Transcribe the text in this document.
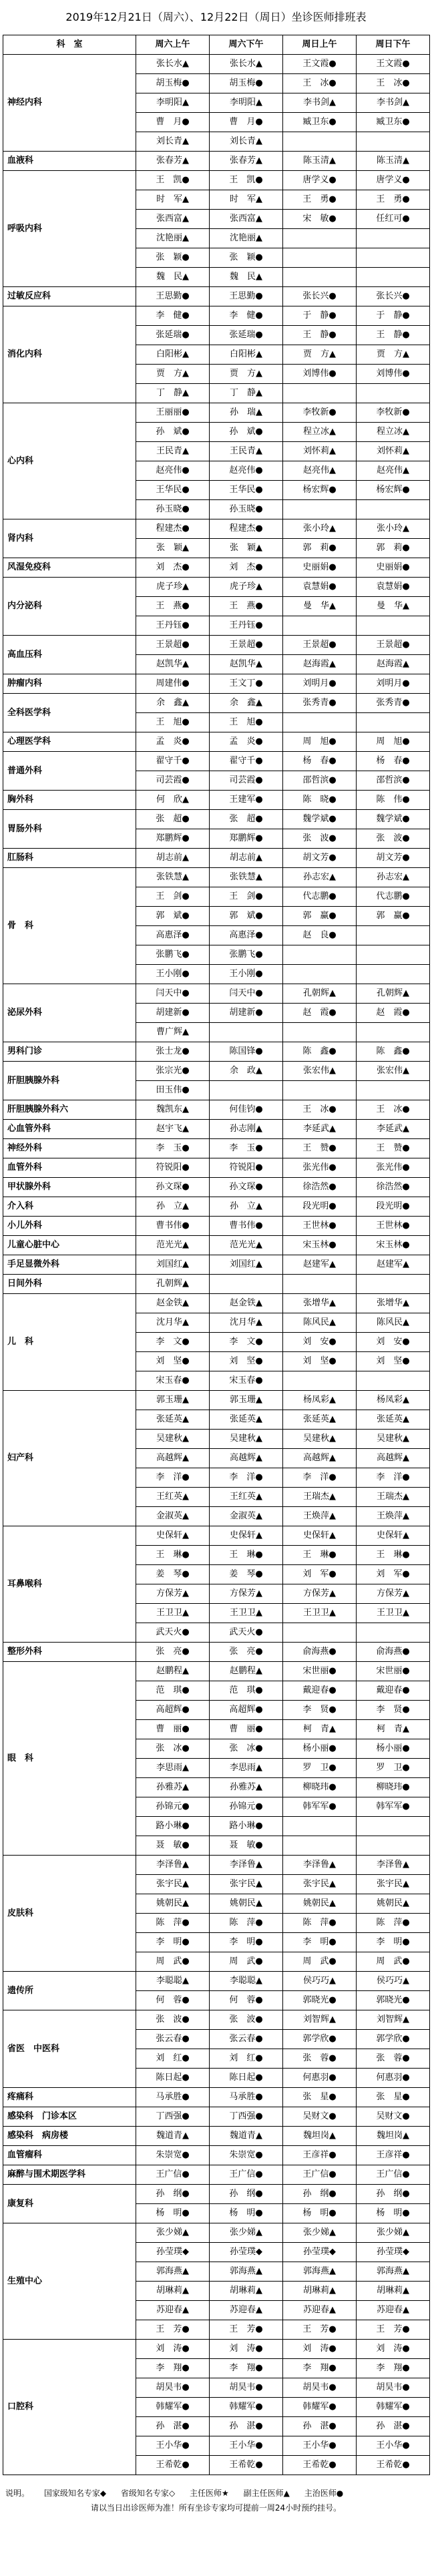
2019年12月21日（周六）、12月22日（周日）坐诊医师排班表
科　室	周六上午	周六下午	周日上午	周日下午
神经内科
张长水▲	张长水▲	王文霞●	王文霞●
胡玉梅●	胡玉梅●	王　冰●	王　冰●
李明阳▲	李明阳▲	李书剑▲	李书剑▲
曹　月●	曹　月●	臧卫东●	臧卫东●
刘长青▲	刘长青▲
血液科	张春芳▲	张春芳▲	陈玉清▲	陈玉清▲
呼吸内科
王　凯●	王　凯●	唐学义●	唐学义●
时　军▲	时　军▲	王　勇●	王　勇●
张西富▲	张西富▲	宋　敏●	任红可●
沈艳丽▲	沈艳丽▲
张　颖●	张　颖●
魏　民▲	魏　民▲
过敏反应科	王思勤●	王思勤●	张长兴●	张长兴●
消化内科
李　健●	李　健●	于　静●	于　静●
张延瑞●	张延瑞●	王　静●	王　静●
白阳彬▲	白阳彬▲	贾　方▲	贾　方▲
贾　方▲	贾　方▲	刘博伟●	刘博伟●
丁　静▲	丁　静▲
心内科
王丽丽●	孙　瑞▲	李牧新●	李牧新●
孙　斌●	孙　斌●	程立冰▲	程立冰▲
王民青▲	王民青▲	刘怀莉▲	刘怀莉▲
赵亮伟●	赵亮伟●	赵亮伟▲	赵亮伟▲
王华民●	王华民●	杨宏辉●	杨宏辉●
孙玉晓●	孙玉晓●
肾内科
程建杰●	程建杰●	张小玲▲	张小玲▲
张　颖▲	张　颖▲	郭　莉●	郭　莉●
风湿免疫科	刘　杰●	刘　杰●	史丽娟●	史丽娟●
内分泌科
虎子珍▲	虎子珍▲	袁慧娟●	袁慧娟●
王　燕●	王　燕●	曼　华▲	曼　华▲
王丹钰●	王丹钰●
高血压科
王景超●	王景超●	王景超●	王景超●
赵凯华▲	赵凯华▲	赵海霞▲	赵海霞▲
肿瘤内科	周建伟●	王文丁●	刘明月●	刘明月●
全科医学科
余　鑫▲	余　鑫▲	张秀青●	张秀青●
王　旭●	王　旭●
心理医学科	孟　炎●	孟　炎●	周　旭●	周　旭●
普通外科
翟守千●	翟守千●	杨　春●	杨　春●
司芸霞●	司芸霞●	邵哲滨●	邵哲滨●
胸外科	何　欣▲	王建军●	陈　晓●	陈　伟●
胃肠外科
张　超●	张　超●	魏学斌●	魏学斌●
郑鹏辉●	郑鹏辉●	张　波●	张　波●
肛肠科	胡志前▲	胡志前▲	胡文芳●	胡文芳●
骨　科
张铁慧▲	张铁慧▲	孙志宏▲	孙志宏▲
王　剑●	王　剑●	代志鹏●	代志鹏●
郭　斌●	郭　斌●	郭　赢●	郭　赢●
高惠泽●	高惠泽●	赵　良●
张鹏飞●	张鹏飞●
王小刚●	王小刚●
泌尿外科
闫天中●	闫天中●	孔朝辉▲	孔朝辉▲
胡建新●	胡建新●	赵　霞●	赵　霞●
曹广辉▲
男科门诊	张士龙●	陈国锋●	陈　鑫●	陈　鑫●
肝胆胰腺外科
张宗光●	余　政▲	张宏伟▲	张宏伟▲
田玉伟●
肝胆胰腺外科六	魏凯东▲	何佳钧●	王　冰●	王　冰●
心血管外科	赵宇飞▲	孙志刚▲	李延武▲	李延武▲
神经外科	李　玉●	李　玉●	王　赞●	王　赞●
血管外科	符锐阳●	符锐阳●	张光伟●	张光伟●
甲状腺外科	孙文琛●	孙文琛●	徐浩然●	徐浩然●
介入科	孙　立▲	孙　立▲	段光明●	段光明●
小儿外科	曹书伟●	曹书伟●	王世林●	王世林●
儿童心脏中心	范光光▲	范光光▲	宋玉林●	宋玉林●
手足显微外科	刘国红▲	刘国红▲	赵建军▲	赵建军▲
日间外科	孔朝辉▲
儿　科
赵金铁▲	赵金铁▲	张增华▲	张增华▲
沈月华▲	沈月华▲	陈风民▲	陈风民▲
李　文●	李　文●	刘　安●	刘　安●
刘　坚●	刘　坚●	刘　坚●	刘　坚●
宋玉春●	宋玉春●
妇产科
郭玉珊▲	郭玉珊▲	杨凤彩▲	杨凤彩▲
张延英▲	张延英▲	张延英▲	张延英▲
吴建秋▲	吴建秋▲	吴建秋▲	吴建秋▲
高越辉▲	高越辉▲	高越辉▲	高越辉▲
李　洋●	李　洋●	李　洋●	李　洋●
王红英▲	王红英▲	王瑞杰▲	王瑞杰▲
金淑英▲	金淑英▲	王焕萍▲	王焕萍▲
耳鼻喉科
史保轩▲	史保轩▲	史保轩▲	史保轩▲
王　琳●	王　琳●	王　琳●	王　琳●
姜　琴●	姜　琴●	刘　军●	刘　军●
方保芳▲	方保芳▲	方保芳▲	方保芳▲
王卫卫▲	王卫卫▲	王卫卫▲	王卫卫▲
武天火●	武天火●
整形外科	张　亮●	张　亮●	俞海燕●	俞海燕●
眼　科
赵鹏程▲	赵鹏程▲	宋世丽●	宋世丽●
范　琪●	范　琪●	戴迎春●	戴迎春●
高超辉●	高超辉●	李　贤●	李　贤●
曹　丽●	曹　丽●	柯　青▲	柯　青▲
张　冰●	张　冰●	杨小丽●	杨小丽●
李思雨▲	李思雨▲	罗　卫●	罗　卫●
孙雅苏▲	孙雅苏▲	柳晓玮●	柳晓玮●
孙锦元●	孙锦元●	韩军军●	韩军军●
路小琳●	路小琳●
聂　敏●	聂　敏●
皮肤科
李泽鲁▲	李泽鲁▲	李泽鲁▲	李泽鲁▲
张宇民▲	张宇民▲	张宇民▲	张宇民▲
姚朝民▲	姚朝民▲	姚朝民▲	姚朝民▲
陈　萍●	陈　萍●	陈　萍●	陈　萍●
李　明●	李　明●	李　明●	李　明●
周　武●	周　武●	周　武●	周　武●
遗传所
李聪聪▲	李聪聪▲	侯巧巧▲	侯巧巧▲
何　蓉●	何　蓉●	郭晓光●	郭晓光●
省医　中医科
张　波●	张　波●	刘智辉▲	刘智辉▲
张云春●	张云春●	郭学欣●	郭学欣●
刘　红●	刘　红●	张　蓉●	张　蓉●
陈日起●	陈日起●	何惠羽●	何惠羽●
疼痛科	马承胜●	马承胜●	张　星●	张　星●
感染科　门诊本区	丁西强●	丁西强●	吴财文●	吴财文●
感染科　病房楼	魏道青▲	魏道青▲	魏坦岗▲	魏坦岗▲
血管瘤科	朱崇宽●	朱崇宽●	王彦祥●	王彦祥●
麻醉与围术期医学科	王广信●	王广信●	王广信●	王广信●
康复科
孙　纲●	孙　纲●	孙　纲●	孙　纲●
杨　明●	杨　明●	杨　明●	杨　明●
生殖中心
张少娣▲	张少娣▲	张少娣▲	张少娣▲
孙莹璞◆	孙莹璞◆	孙莹璞◆	孙莹璞◆
郭海燕▲	郭海燕▲	郭海燕▲	郭海燕▲
胡琳莉▲	胡琳莉▲	胡琳莉▲	胡琳莉▲
苏迎春▲	苏迎春▲	苏迎春▲	苏迎春▲
王　芳●	王　芳●	王　芳●	王　芳●
口腔科
刘　涛●	刘　涛●	刘　涛●	刘　涛●
李　翔●	李　翔●	李　翔●	李　翔●
胡昊韦●	胡昊韦●	胡昊韦●	胡昊韦●
韩耀军●	韩耀军●	韩耀军●	韩耀军●
孙　湛●	孙　湛●	孙　湛●	孙　湛●
王小华●	王小华●	王小华●	王小华●
王希乾●	王希乾●	王希乾●	王希乾●
说明。 国家级知名专家◆ 省级知名专家◇ 主任医师★ 副主任医师▲ 主治医师●
请以当日出诊医师为准！所有坐诊专家均可提前一周24小时预约挂号。
